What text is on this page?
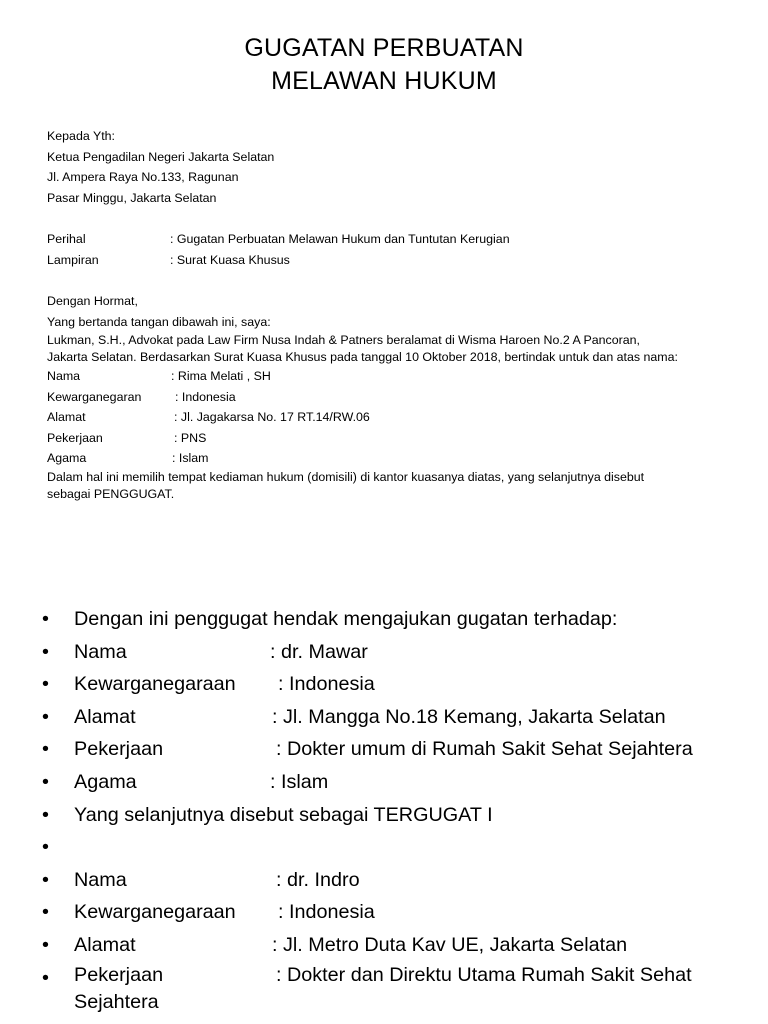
GUGATAN PERBUATAN
MELAWAN HUKUM
Kepada Yth:
Ketua Pengadilan Negeri Jakarta Selatan
Jl. Ampera Raya No.133, Ragunan
Pasar Minggu, Jakarta Selatan
Perihal	: Gugatan Perbuatan Melawan Hukum dan Tuntutan Kerugian
Lampiran	: Surat Kuasa Khusus
Dengan Hormat,
Yang bertanda tangan dibawah ini, saya:
Lukman, S.H., Advokat pada Law Firm Nusa Indah & Patners beralamat di Wisma Haroen No.2 A Pancoran,
Jakarta Selatan. Berdasarkan Surat Kuasa Khusus pada tanggal 10 Oktober 2018, bertindak untuk dan atas nama:
Nama	: Rima Melati , SH
Kewarganegaran	: Indonesia
Alamat	: Jl. Jagakarsa No. 17 RT.14/RW.06
Pekerjaan	: PNS
Agama	: Islam
Dalam hal ini memilih tempat kediaman hukum (domisili) di kantor kuasanya diatas, yang selanjutnya disebut
sebagai PENGGUGAT.
•	Dengan ini penggugat hendak mengajukan gugatan terhadap:
•	Nama	: dr. Mawar
•	Kewarganegaraan : Indonesia
•	Alamat	: Jl. Mangga No.18 Kemang, Jakarta Selatan
•	Pekerjaan	: Dokter umum di Rumah Sakit Sehat Sejahtera
•	Agama	: Islam
•	Yang selanjutnya disebut sebagai TERGUGAT I
•
•	Nama	: dr. Indro
•	Kewarganegaraan : Indonesia
•	Alamat	: Jl. Metro Duta Kav UE, Jakarta Selatan
•	Pekerjaan	: Dokter dan Direktu Utama Rumah Sakit Sehat
Sejahtera
